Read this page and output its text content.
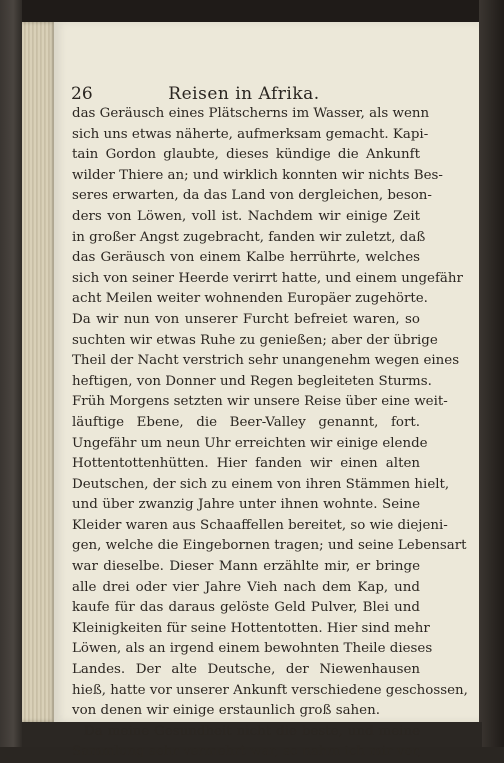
26	Reisen in Afrika.
das Geräusch eines Plätscherns im Wasser, als wenn
sich uns etwas näherte, aufmerksam gemacht. Kapi-
tain Gordon glaubte, dieses kündige die Ankunft
wilder Thiere an; und wirklich konnten wir nichts Bes-
seres erwarten, da das Land von dergleichen, beson-
ders von Löwen, voll ist. Nachdem wir einige Zeit
in großer Angst zugebracht, fanden wir zuletzt, daß
das Geräusch von einem Kalbe herrührte, welches
sich von seiner Heerde verirrt hatte, und einem ungefähr
acht Meilen weiter wohnenden Europäer zugehörte.
Da wir nun von unserer Furcht befreiet waren, so
suchten wir etwas Ruhe zu genießen; aber der übrige
Theil der Nacht verstrich sehr unangenehm wegen eines
heftigen, von Donner und Regen begleiteten Sturms.
Früh Morgens setzten wir unsere Reise über eine weit-
läuftige Ebene, die Beer-Valley genannt, fort.
Ungefähr um neun Uhr erreichten wir einige elende
Hottentottenhütten. Hier fanden wir einen alten
Deutschen, der sich zu einem von ihren Stämmen hielt,
und über zwanzig Jahre unter ihnen wohnte. Seine
Kleider waren aus Schaaffellen bereitet, so wie diejeni-
gen, welche die Eingebornen tragen; und seine Lebensart
war dieselbe. Dieser Mann erzählte mir, er bringe
alle drei oder vier Jahre Vieh nach dem Kap, und
kaufe für das daraus gelöste Geld Pulver, Blei und
Kleinigkeiten für seine Hottentotten. Hier sind mehr
Löwen, als an irgend einem bewohnten Theile dieses
Landes. Der alte Deutsche, der Niewenhausen
hieß, hatte vor unserer Ankunft verschiedene geschossen,
von denen wir einige erstaunlich groß sahen.
Da meine Gesundheit nicht die beste, und meine
Sammlung sehr vermehrt war, so nahm ich mir vor,
